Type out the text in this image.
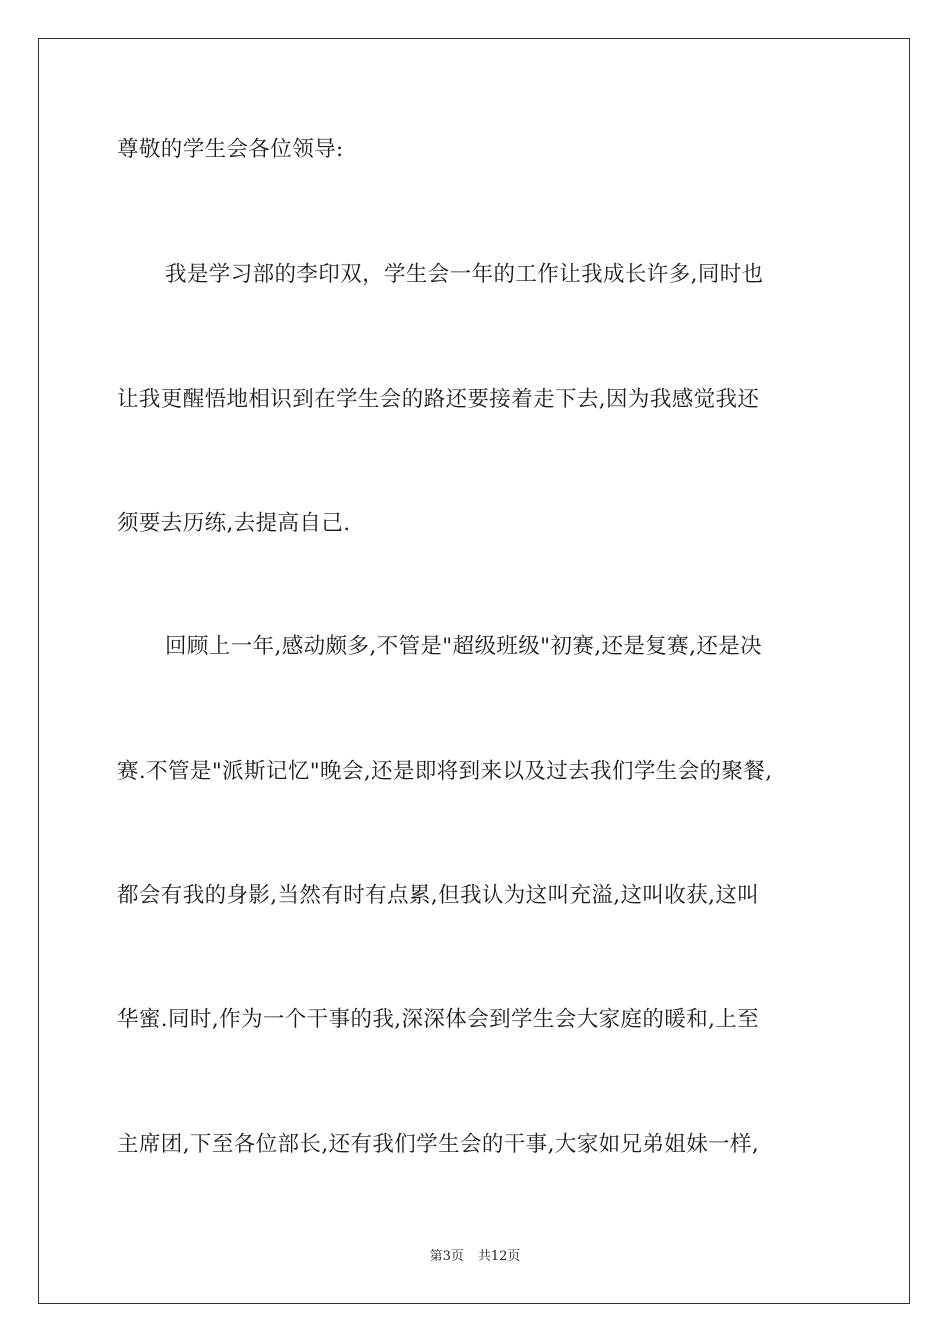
尊敬的学生会各位领导:
我是学习部的李印双，学生会一年的工作让我成长许多,同时也
让我更醒悟地相识到在学生会的路还要接着走下去,因为我感觉我还
须要去历练,去提高自己.
回顾上一年,感动颇多,不管是"超级班级"初赛,还是复赛,还是决
赛.不管是"派斯记忆"晚会,还是即将到来以及过去我们学生会的聚餐,
都会有我的身影,当然有时有点累,但我认为这叫充溢,这叫收获,这叫
华蜜.同时,作为一个干事的我,深深体会到学生会大家庭的暖和,上至
主席团,下至各位部长,还有我们学生会的干事,大家如兄弟姐妹一样,
第3页 共12页
